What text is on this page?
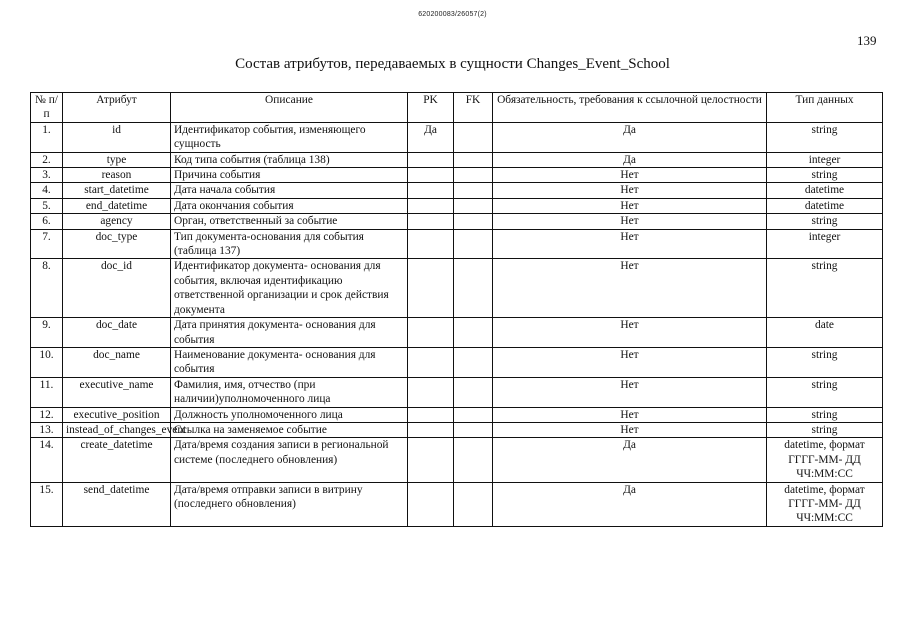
620200083/26057(2)
139
Состав атрибутов, передаваемых в сущности Changes_Event_School
№ п/п	Атрибут	Описание	PK	FK	Обязательность, требования к ссылочной целостности	Тип данных
1.	id	Идентификатор события, изменяющего сущность	Да		Да	string
2.	type	Код типа события (таблица 138)			Да	integer
3.	reason	Причина события			Нет	string
4.	start_datetime	Дата начала события			Нет	datetime
5.	end_datetime	Дата окончания события			Нет	datetime
6.	agency	Орган, ответственный за событие			Нет	string
7.	doc_type	Тип документа-основания для события (таблица 137)			Нет	integer
8.	doc_id	Идентификатор документа- основания для события, включая идентификацию ответственной организации и срок действия документа			Нет	string
9.	doc_date	Дата принятия документа- основания для события			Нет	date
10.	doc_name	Наименование документа- основания для события			Нет	string
11.	executive_name	Фамилия, имя, отчество (при наличии)уполномоченного лица			Нет	string
12.	executive_position	Должность уполномоченного лица			Нет	string
13.	instead_of_changes_event	Ссылка на заменяемое событие			Нет	string
14.	create_datetime	Дата/время создания записи в региональной системе (последнего обновления)			Да	datetime, формат ГГГГ-ММ- ДД ЧЧ:ММ:СС
15.	send_datetime	Дата/время отправки записи в витрину (последнего обновления)			Да	datetime, формат ГГГГ-ММ- ДД ЧЧ:ММ:СС
